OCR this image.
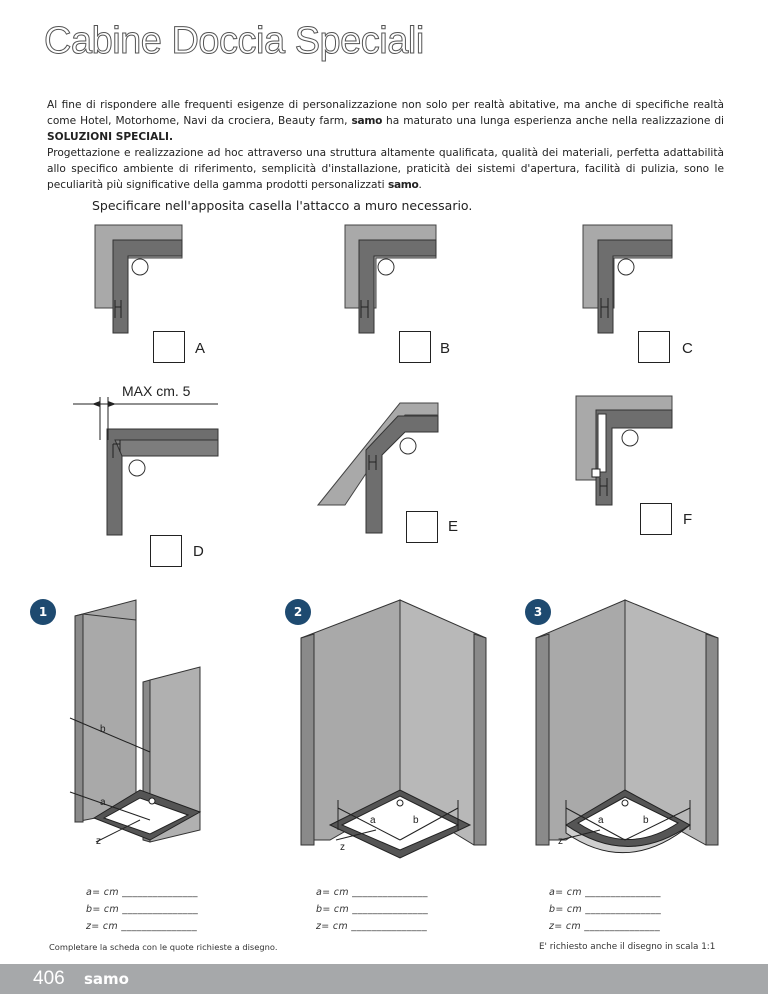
Cabine Doccia Speciali

Al fine di rispondere alle frequenti esigenze di personalizzazione non solo per realtà abitative, ma anche di specifiche realtà come Hotel, Motorhome, Navi da crociera, Beauty farm, samo ha maturato una lunga esperienza anche nella realizzazione di SOLUZIONI SPECIALI.

Progettazione e realizzazione ad hoc attraverso una struttura altamente qualificata, qualità dei materiali, perfetta adattabilità allo specifico ambiente di riferimento, semplicità d'installazione, praticità dei sistemi d'apertura, facilità di pulizia, sono le peculiarità più significative della gamma prodotti personalizzati samo.

Specificare nell'apposita casella l'attacco a muro necessario.

A	B	C
D
E	F
MAX cm. 5
1	2	3
b
a
z
a	b
z
a	b
z
a= cm _______________
b= cm _______________
z= cm _______________
a= cm _______________
b= cm _______________
z= cm _______________
a= cm _______________
b= cm _______________
z= cm _______________
Completare la scheda con le quote richieste a disegno.	E' richiesto anche il disegno in scala 1:1
406 samo
